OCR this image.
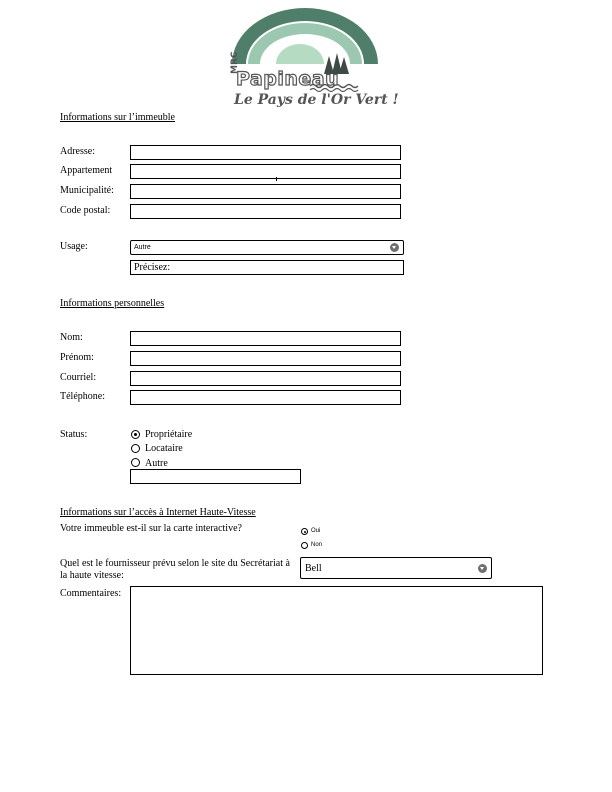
MRC
Papineau
Le Pays de l'Or Vert !
Informations sur l’immeuble
Adresse:
Appartement
Municipalité:
Code postal:
Usage:	Autre
Précisez:
Informations personnelles
Nom:
Prénom:
Courriel:
Téléphone:
Status:	Propriétaire
Locataire
Autre
Informations sur l’accès à Internet Haute-Vitesse
Votre immeuble est-il sur la carte interactive?	Oui
Non
Quel est le fournisseur prévu selon le site du Secrétariat à
la haute vitesse:
Bell
Commentaires:
